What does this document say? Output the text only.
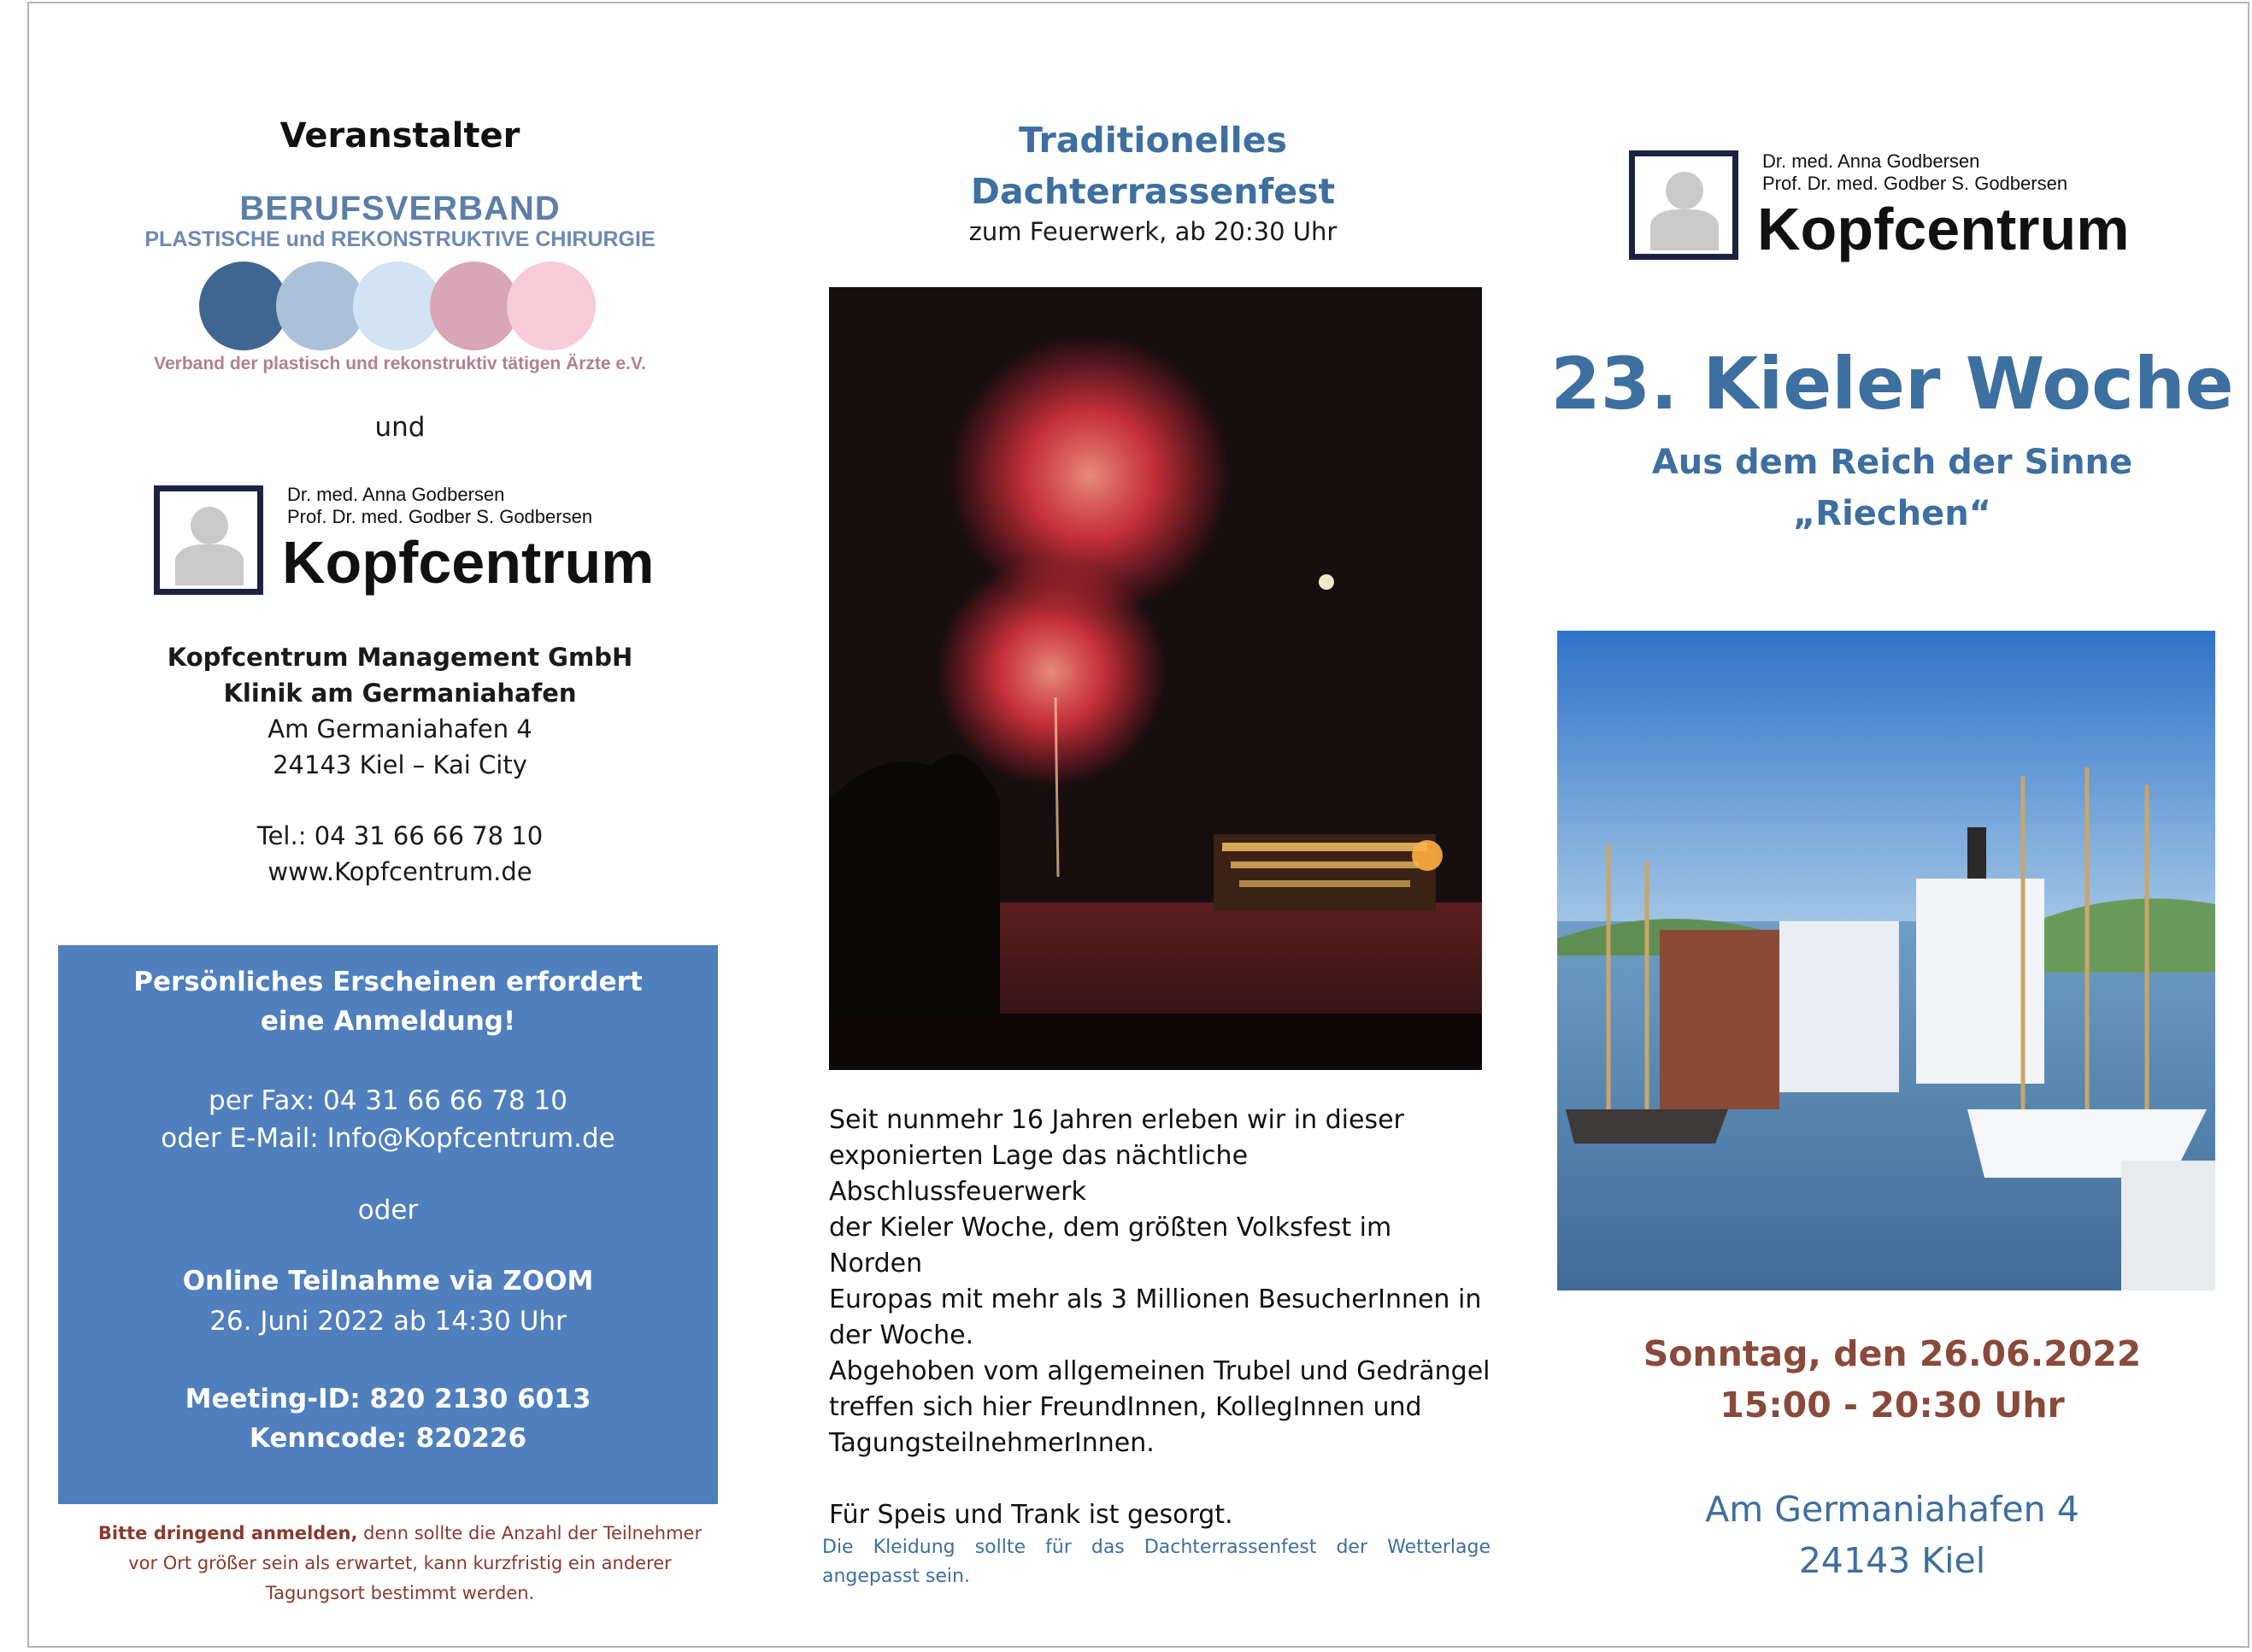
Veranstalter
BERUFSVERBAND
PLASTISCHE und REKONSTRUKTIVE CHIRURGIE
Verband der plastisch und rekonstruktiv tätigen Ärzte e.V.
und
Dr. med. Anna Godbersen
Prof. Dr. med. Godber S. Godbersen
Kopfcentrum
Kopfcentrum Management GmbH
Klinik am Germaniahafen
Am Germaniahafen 4
24143 Kiel – Kai City
Tel.: 04 31 66 66 78 10
www.Kopfcentrum.de
Persönliches Erscheinen erfordert
eine Anmeldung!
per Fax: 04 31 66 66 78 10
oder E-Mail: Info@Kopfcentrum.de
oder
Online Teilnahme via ZOOM
26. Juni 2022 ab 14:30 Uhr
Meeting-ID: 820 2130 6013
Kenncode: 820226
Bitte dringend anmelden, denn sollte die Anzahl der Teilnehmer
vor Ort größer sein als erwartet, kann kurzfristig ein anderer
Tagungsort bestimmt werden.
Traditionelles
Dachterrassenfest
zum Feuerwerk, ab 20:30 Uhr

Seit nunmehr 16 Jahren erleben wir in dieser

exponierten Lage das nächtliche Abschlussfeuerwerk

der Kieler Woche, dem größten Volksfest im Norden

Europas mit mehr als 3 Millionen BesucherInnen in

der Woche.

Abgehoben vom allgemeinen Trubel und Gedrängel

treffen sich hier FreundInnen, KollegInnen und

TagungsteilnehmerInnen.

Für Speis und Trank ist gesorgt.

Die Kleidung sollte für das Dachterrassenfest der Wetterlage angepasst sein.
Dr. med. Anna Godbersen
Prof. Dr. med. Godber S. Godbersen
Kopfcentrum
23. Kieler Woche
Aus dem Reich der Sinne
„Riechen“
Sonntag, den 26.06.2022
15:00 - 20:30 Uhr
Am Germaniahafen 4
24143 Kiel
